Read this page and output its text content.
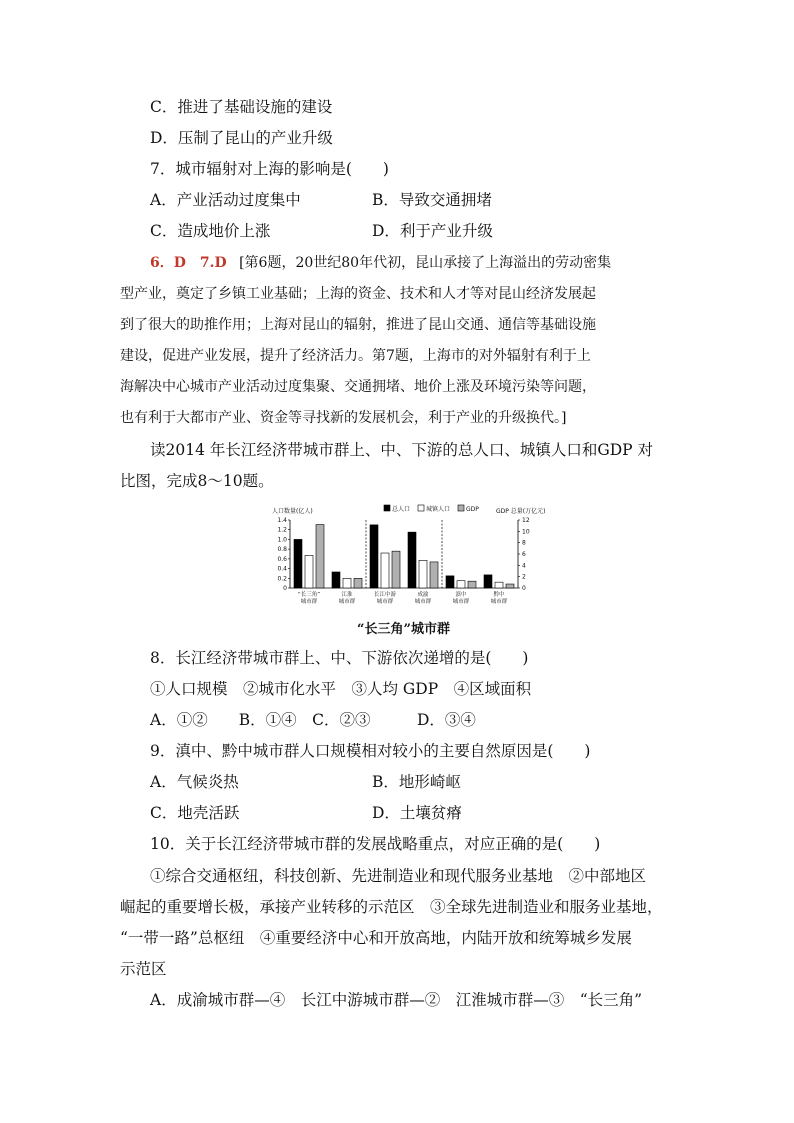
C．推进了基础设施的建设
D．压制了昆山的产业升级
7．城市辐射对上海的影响是(　　)
A．产业活动过度集中	B．导致交通拥堵
C．造成地价上涨	D．利于产业升级
6．D　7.D [第6题，20世纪80年代初，昆山承接了上海溢出的劳动密集
型产业，奠定了乡镇工业基础；上海的资金、技术和人才等对昆山经济发展起
到了很大的助推作用；上海对昆山的辐射，推进了昆山交通、通信等基础设施
建设，促进产业发展，提升了经济活力。第7题，上海市的对外辐射有利于上
海解决中心城市产业活动过度集聚、交通拥堵、地价上涨及环境污染等问题，
也有利于大都市产业、资金等寻找新的发展机会，利于产业的升级换代。]
读2014 年长江经济带城市群上、中、下游的总人口、城镇人口和GDP 对
比图，完成8～10题。
总人口	城镇人口	GDP
人口数量(亿人)	GDP 总量(万亿元)
0
0.2
0.4
0.6
0.8
1.0
1.2
1.4
0
2
4
6
8
10
12
“长三角”
城市群
江淮
城市群
长江中游
城市群
成渝
城市群
滇中
城市群
黔中
城市群
“长三角”城市群
8．长江经济带城市群上、中、下游依次递增的是(　　)
①人口规模　②城市化水平　③人均 GDP　④区域面积
A．①②　　B．①④　C．②③　　　D．③④
9．滇中、黔中城市群人口规模相对较小的主要自然原因是(　　)
A．气候炎热	B．地形崎岖
C．地壳活跃	D．土壤贫瘠
10．关于长江经济带城市群的发展战略重点，对应正确的是(　　)
①综合交通枢纽，科技创新、先进制造业和现代服务业基地　②中部地区
崛起的重要增长极，承接产业转移的示范区　③全球先进制造业和服务业基地，
“一带一路”总枢纽　④重要经济中心和开放高地，内陆开放和统筹城乡发展
示范区
A．成渝城市群—④　长江中游城市群—②　江淮城市群—③　“长三角”
